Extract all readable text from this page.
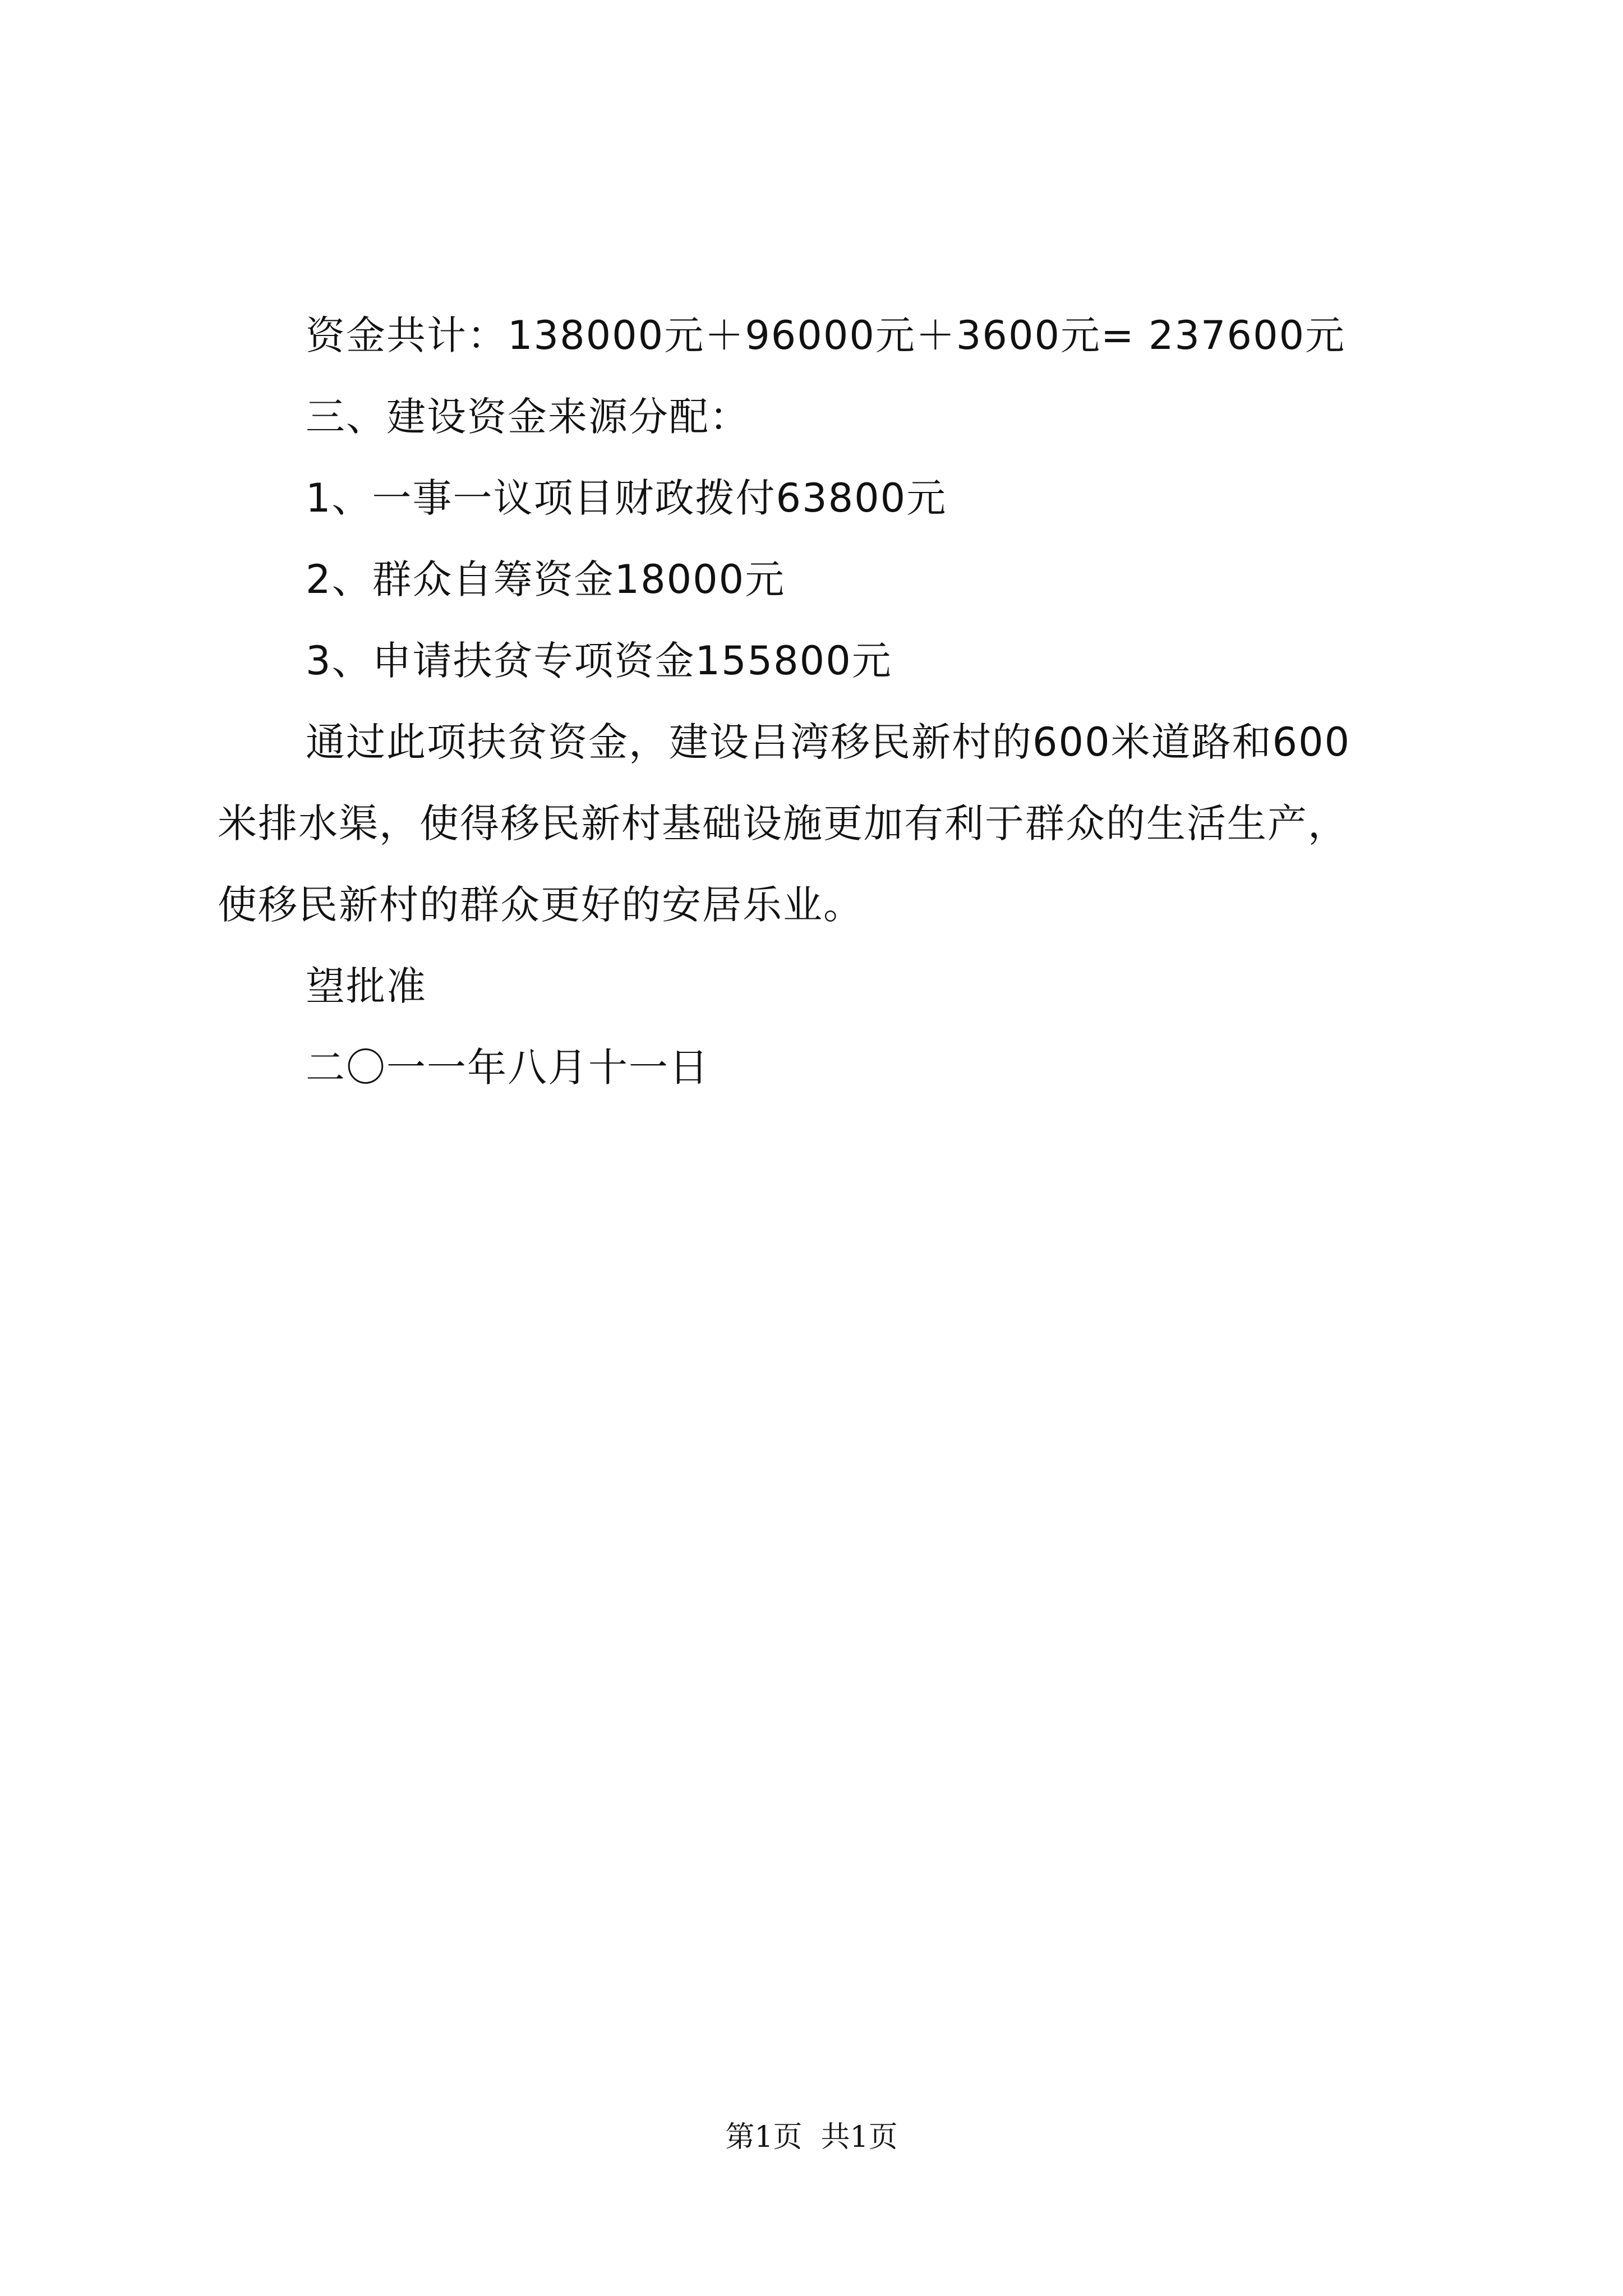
资金共计：138000元＋96000元＋3600元= 237600元
三、建设资金来源分配：
1、一事一议项目财政拨付63800元
2、群众自筹资金18000元
3、申请扶贫专项资金155800元
通过此项扶贫资金，建设吕湾移民新村的600米道路和600
米排水渠，使得移民新村基础设施更加有利于群众的生活生产，
使移民新村的群众更好的安居乐业。
望批准
二〇一一年八月十一日
第1页  共1页
